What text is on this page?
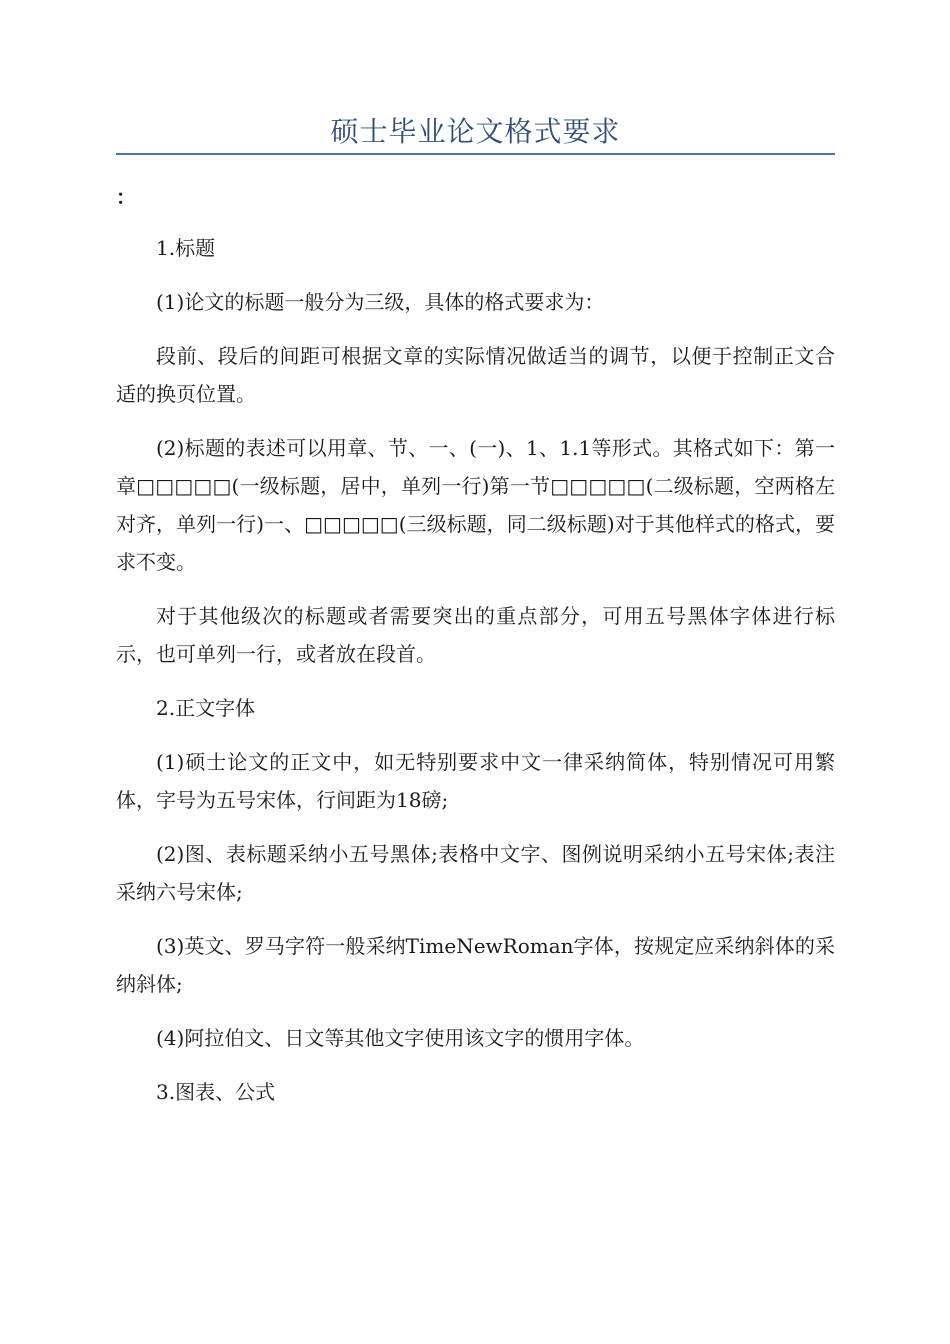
硕士毕业论文格式要求
：

1.标题

(1)论文的标题一般分为三级，具体的格式要求为：

段前、段后的间距可根据文章的实际情况做适当的调节，以便于控制正文合适的换页位置。

(2)标题的表述可以用章、节、一、(一)、1、1.1等形式。其格式如下：第一章□□□□□(一级标题，居中，单列一行)第一节□□□□□(二级标题，空两格左对齐，单列一行)一、□□□□□(三级标题，同二级标题)对于其他样式的格式，要求不变。

对于其他级次的标题或者需要突出的重点部分，可用五号黑体字体进行标示，也可单列一行，或者放在段首。

2.正文字体

(1)硕士论文的正文中，如无特别要求中文一律采纳简体，特别情况可用繁体，字号为五号宋体，行间距为18磅;

(2)图、表标题采纳小五号黑体;表格中文字、图例说明采纳小五号宋体;表注采纳六号宋体;

(3)英文、罗马字符一般采纳TimeNewRoman字体，按规定应采纳斜体的采纳斜体;

(4)阿拉伯文、日文等其他文字使用该文字的惯用字体。

3.图表、公式
